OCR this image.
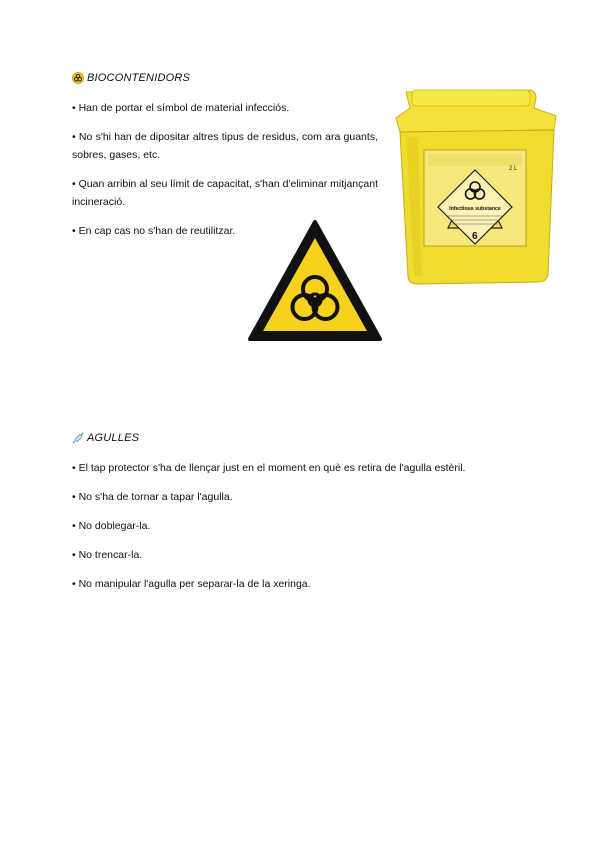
BIOCONTENIDORS

• Han de portar el símbol de material infecciós.

• No s'hi han de dipositar altres tipus de residus, com ara guants, sobres, gases, etc.

• Quan arribin al seu límit de capacitat, s'han d'eliminar mitjançant incineració.

• En cap cas no s'han de reutilitzar.

Infectious substance
6
2 L
AGULLES

• El tap protector s'ha de llençar just en el moment en què es retira de l'agulla estèril.

• No s'ha de tornar a tapar l'agulla.

• No doblegar-la.

• No trencar-la.

• No manipular l'agulla per separar-la de la xeringa.
